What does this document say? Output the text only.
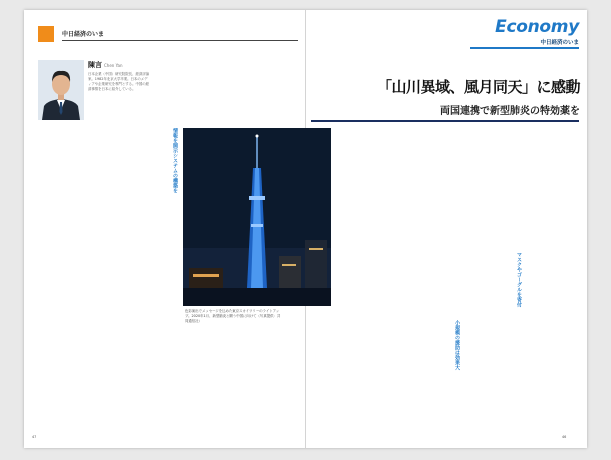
中日経済のいま
陳言 Chen Yan
日本企業（中国）研究院院長、経済評論家。1982年北京大学卒業。日本のメディアや企業研究を専門とする。中国の経済事情を日本に紹介している。
情報を開示システムの構築を
色彩演出でメッセージを込めた東京スカイツリーのライトアップ。2020年1月、新型肺炎と闘う中国に向けて（写真提供：共同通信社）
47
Economy
中日経済のいま
「山川異域、風月同天」に感動
両国連携で新型肺炎の特効薬を
マスクやゴーグルを寄付
小規模の援助は効果大
46
